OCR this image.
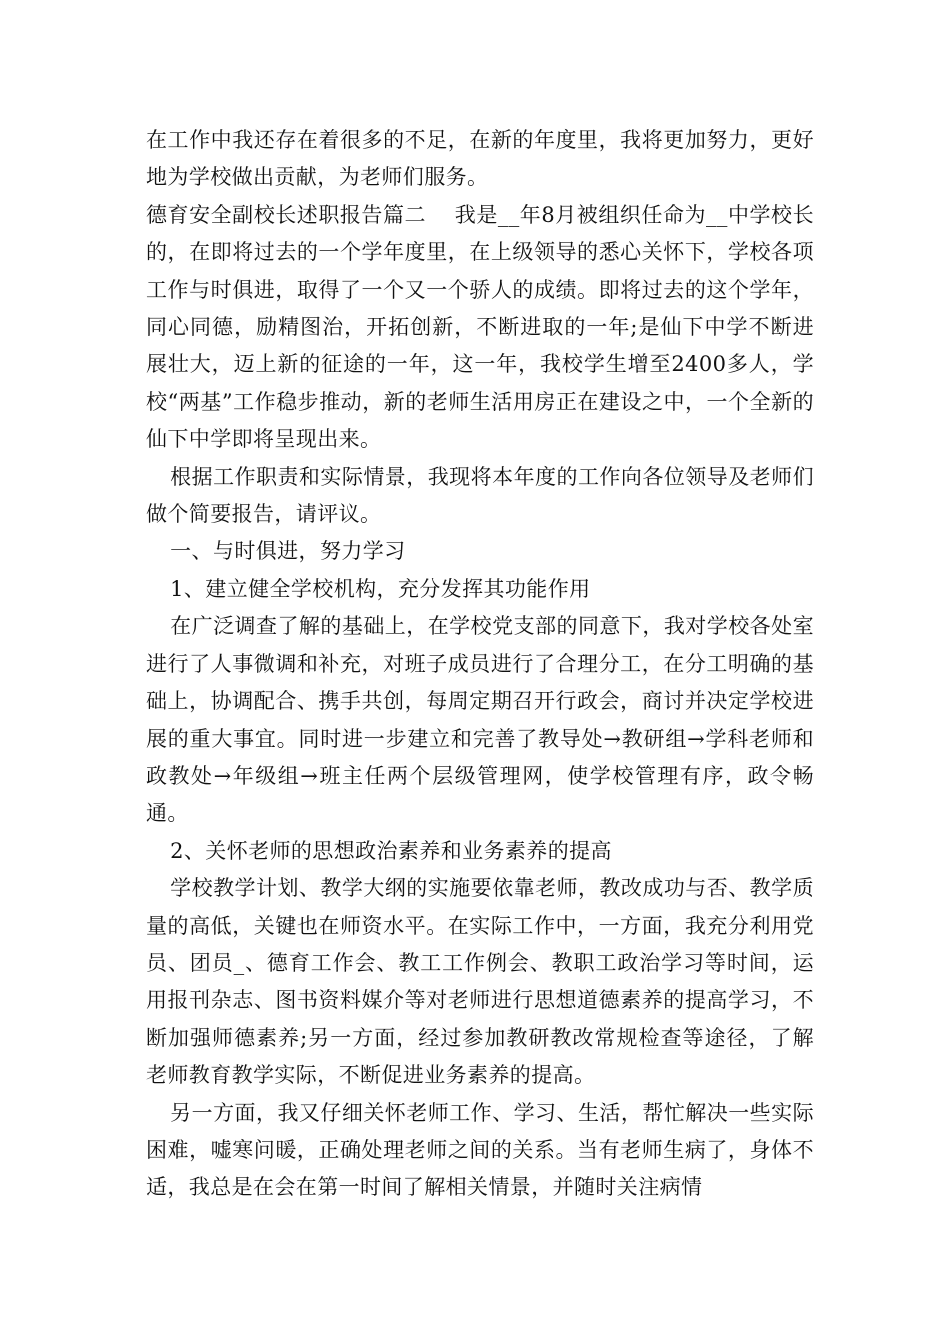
在工作中我还存在着很多的不足，在新的年度里，我将更加努力，更好地为学校做出贡献，为老师们服务。

德育安全副校长述职报告篇二　 我是__年8月被组织任命为__中学校长的，在即将过去的一个学年度里，在上级领导的悉心关怀下，学校各项工作与时俱进，取得了一个又一个骄人的成绩。即将过去的这个学年，同心同德，励精图治，开拓创新，不断进取的一年;是仙下中学不断进展壮大，迈上新的征途的一年，这一年，我校学生增至2400多人，学校“两基”工作稳步推动，新的老师生活用房正在建设之中，一个全新的仙下中学即将呈现出来。

根据工作职责和实际情景，我现将本年度的工作向各位领导及老师们做个简要报告，请评议。

一、与时俱进，努力学习

1、建立健全学校机构，充分发挥其功能作用

在广泛调查了解的基础上，在学校党支部的同意下，我对学校各处室进行了人事微调和补充，对班子成员进行了合理分工，在分工明确的基础上，协调配合、携手共创，每周定期召开行政会，商讨并决定学校进展的重大事宜。同时进一步建立和完善了教导处→教研组→学科老师和政教处→年级组→班主任两个层级管理网，使学校管理有序，政令畅通。

2、关怀老师的思想政治素养和业务素养的提高

学校教学计划、教学大纲的实施要依靠老师，教改成功与否、教学质量的高低，关键也在师资水平。在实际工作中，一方面，我充分利用党员、团员_、德育工作会、教工工作例会、教职工政治学习等时间，运用报刊杂志、图书资料媒介等对老师进行思想道德素养的提高学习，不断加强师德素养;另一方面，经过参加教研教改常规检查等途径，了解老师教育教学实际，不断促进业务素养的提高。

另一方面，我又仔细关怀老师工作、学习、生活，帮忙解决一些实际困难，嘘寒问暖，正确处理老师之间的关系。当有老师生病了，身体不适，我总是在会在第一时间了解相关情景，并随时关注病情
